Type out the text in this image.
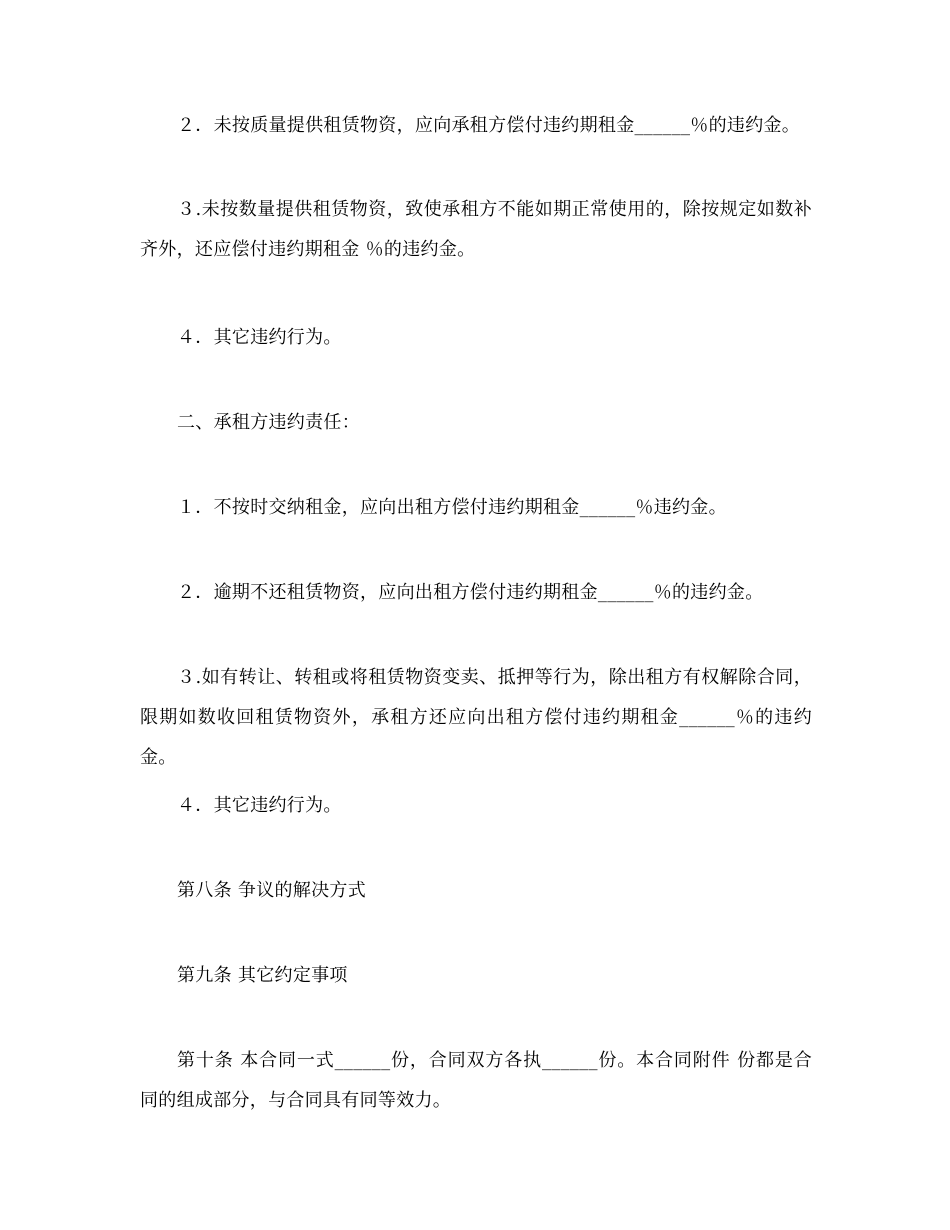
２．未按质量提供租赁物资，应向承租方偿付违约期租金______％的违约金。

３.未按数量提供租赁物资，致使承租方不能如期正常使用的，除按规定如数补齐外，还应偿付违约期租金 ％的违约金。

４．其它违约行为。

二、承租方违约责任：

１．不按时交纳租金，应向出租方偿付违约期租金______％违约金。

２．逾期不还租赁物资，应向出租方偿付违约期租金______％的违约金。

３.如有转让、转租或将租赁物资变卖、抵押等行为，除出租方有权解除合同，限期如数收回租赁物资外，承租方还应向出租方偿付违约期租金______％的违约金。

４．其它违约行为。

第八条 争议的解决方式

第九条 其它约定事项

第十条 本合同一式______份，合同双方各执______份。本合同附件 份都是合同的组成部分，与合同具有同等效力。
